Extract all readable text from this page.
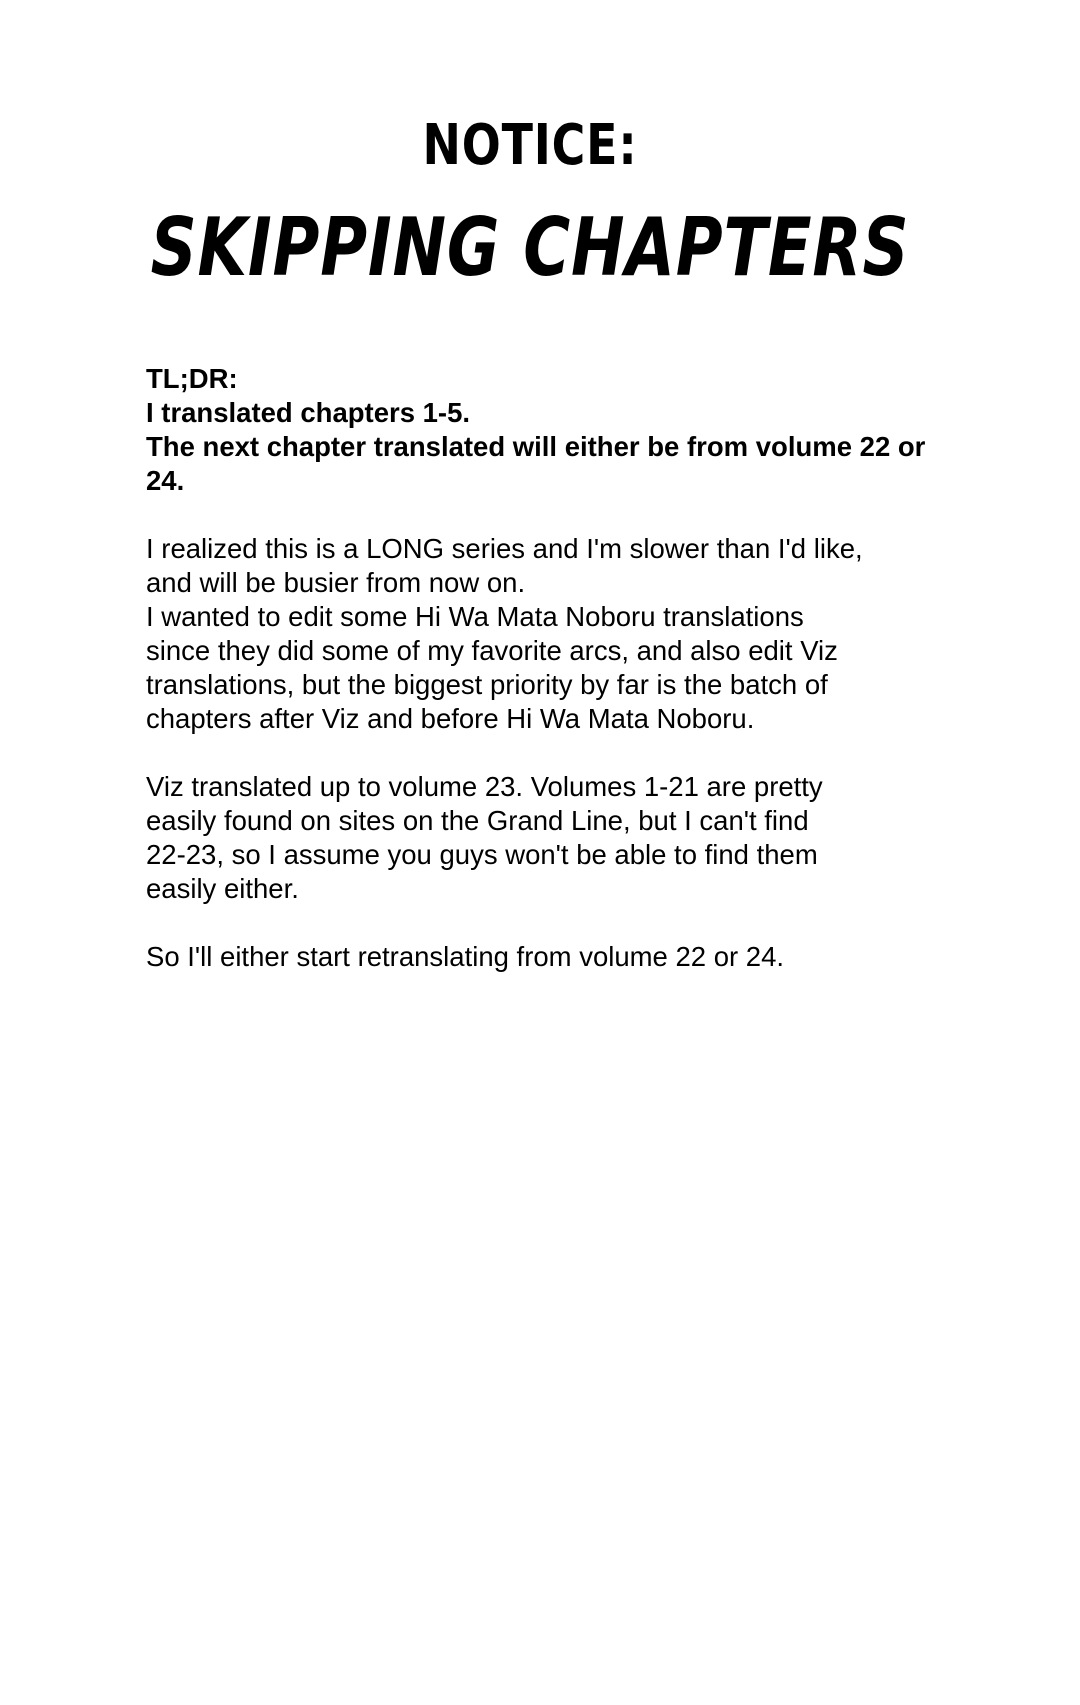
NOTICE:
SKIPPING CHAPTERS

TL;DR:

I translated chapters 1-5.

The next chapter translated will either be from volume 22 or

24.

I realized this is a LONG series and I'm slower than I'd like,

and will be busier from now on.

I wanted to edit some Hi Wa Mata Noboru translations

since they did some of my favorite arcs, and also edit Viz

translations, but the biggest priority by far is the batch of

chapters after Viz and before Hi Wa Mata Noboru.

Viz translated up to volume 23. Volumes 1-21 are pretty

easily found on sites on the Grand Line, but I can't find

22-23, so I assume you guys won't be able to find them

easily either.

So I'll either start retranslating from volume 22 or 24.
